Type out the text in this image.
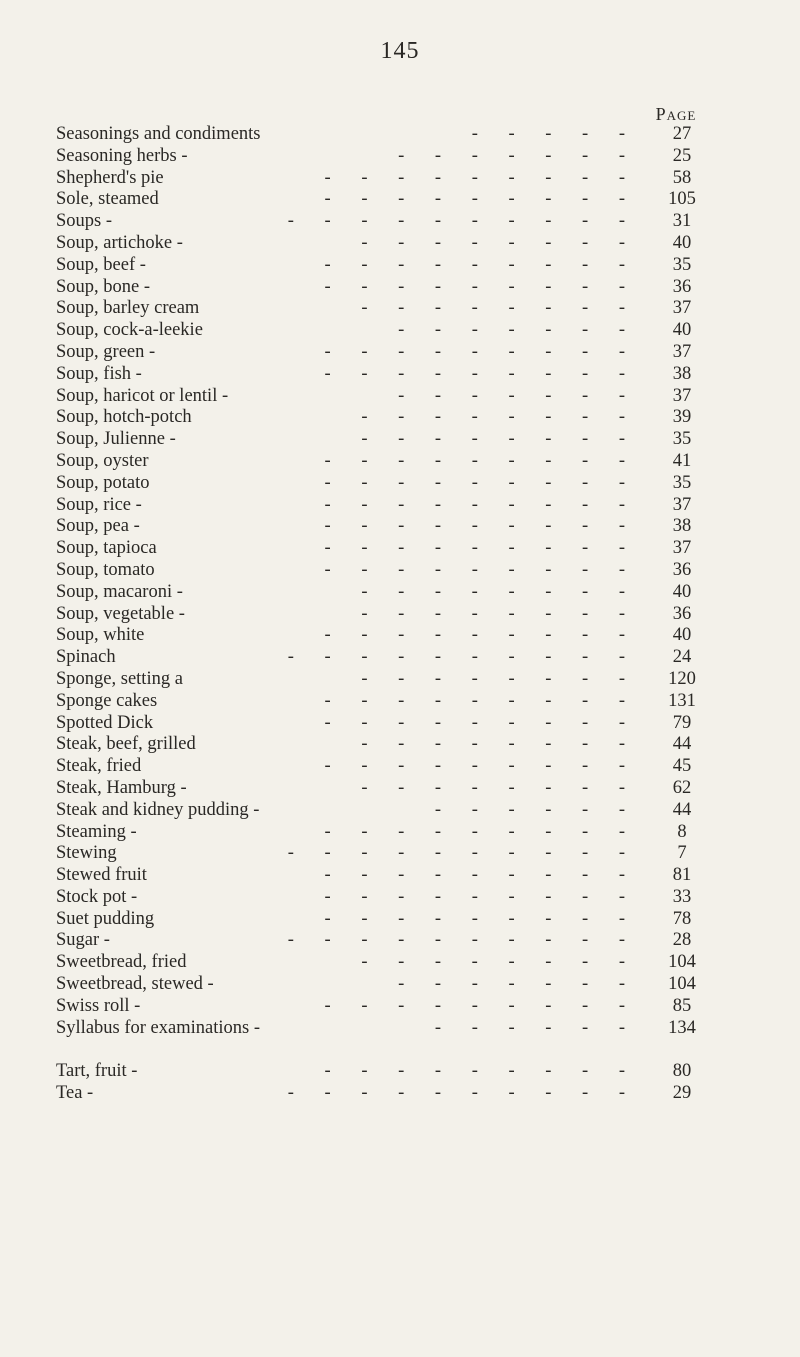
145
Page
- - - - -
Seasonings and condiments	27
- - - - - - -
Seasoning herbs -	25
- - - - - - - - -
Shepherd's pie	58
- - - - - - - - -
Sole, steamed	105
- - - - - - - - - -
Soups -	31
- - - - - - - -
Soup, artichoke -	40
- - - - - - - - -
Soup, beef -	35
- - - - - - - - -
Soup, bone -	36
- - - - - - - -
Soup, barley cream	37
- - - - - - -
Soup, cock-a-leekie	40
- - - - - - - - -
Soup, green -	37
- - - - - - - - -
Soup, fish -	38
- - - - - - -
Soup, haricot or lentil -	37
- - - - - - - -
Soup, hotch-potch	39
- - - - - - - -
Soup, Julienne -	35
- - - - - - - - -
Soup, oyster	41
- - - - - - - - -
Soup, potato	35
- - - - - - - - -
Soup, rice -	37
- - - - - - - - -
Soup, pea -	38
- - - - - - - - -
Soup, tapioca	37
- - - - - - - - -
Soup, tomato	36
- - - - - - - -
Soup, macaroni -	40
- - - - - - - -
Soup, vegetable -	36
- - - - - - - - -
Soup, white	40
- - - - - - - - - -
Spinach	24
- - - - - - - -
Sponge, setting a	120
- - - - - - - - -
Sponge cakes	131
- - - - - - - - -
Spotted Dick	79
- - - - - - - -
Steak, beef, grilled	44
- - - - - - - - -
Steak, fried	45
- - - - - - - -
Steak, Hamburg -	62
- - - - - -
Steak and kidney pudding -	44
- - - - - - - - -
Steaming -	8
- - - - - - - - - -
Stewing	7
- - - - - - - - -
Stewed fruit	81
- - - - - - - - -
Stock pot -	33
- - - - - - - - -
Suet pudding	78
- - - - - - - - - -
Sugar -	28
- - - - - - - -
Sweetbread, fried	104
- - - - - - -
Sweetbread, stewed -	104
- - - - - - - - -
Swiss roll -	85
- - - - - -
Syllabus for examinations -	134
- - - - - - - - -
Tart, fruit -	80
- - - - - - - - - -
Tea -	29
